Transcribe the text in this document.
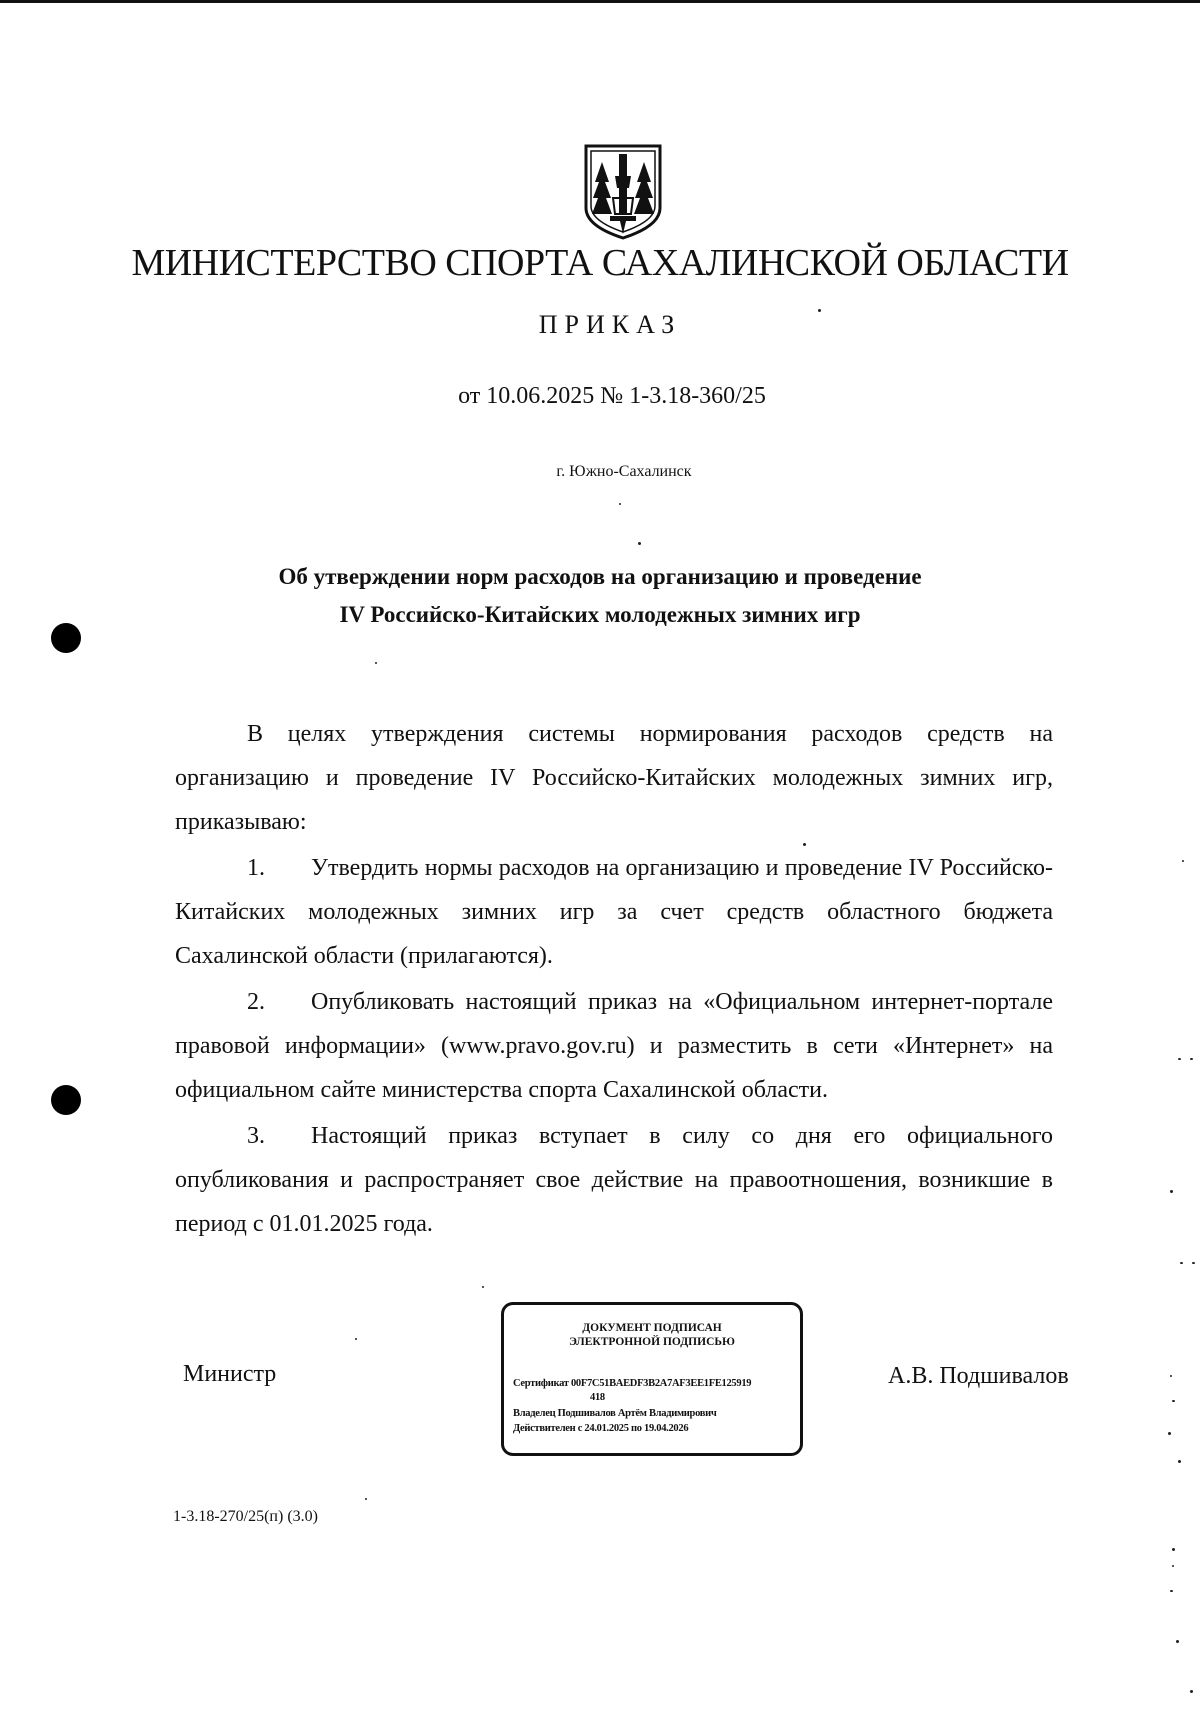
МИНИСТЕРСТВО СПОРТА САХАЛИНСКОЙ ОБЛАСТИ
ПРИКАЗ
от 10.06.2025 № 1-3.18-360/25
г. Южно-Сахалинск
Об утверждении норм расходов на организацию и проведение
IV Российско-Китайских молодежных зимних игр

В целях утверждения системы нормирования расходов средств на организацию и проведение IV Российско-Китайских молодежных зимних игр, приказываю:

1. Утвердить нормы расходов на организацию и проведение IV Российско-Китайских молодежных зимних игр за счет средств областного бюджета Сахалинской области (прилагаются).

2. Опубликовать настоящий приказ на «Официальном интернет-портале правовой информации» (www.pravo.gov.ru) и разместить в сети «Интернет» на официальном сайте министерства спорта Сахалинской области.

3. Настоящий приказ вступает в силу со дня его официального опубликования и распространяет свое действие на правоотношения, возникшие в период с 01.01.2025 года.

Министр
ДОКУМЕНТ ПОДПИСАН
ЭЛЕКТРОННОЙ ПОДПИСЬЮ
Сертификат 00F7C51BAEDF3B2A7AF3EE1FE125919
418
Владелец Подшивалов Артём Владимирович
Действителен с 24.01.2025 по 19.04.2026
А.В. Подшивалов
1-3.18-270/25(п) (3.0)
